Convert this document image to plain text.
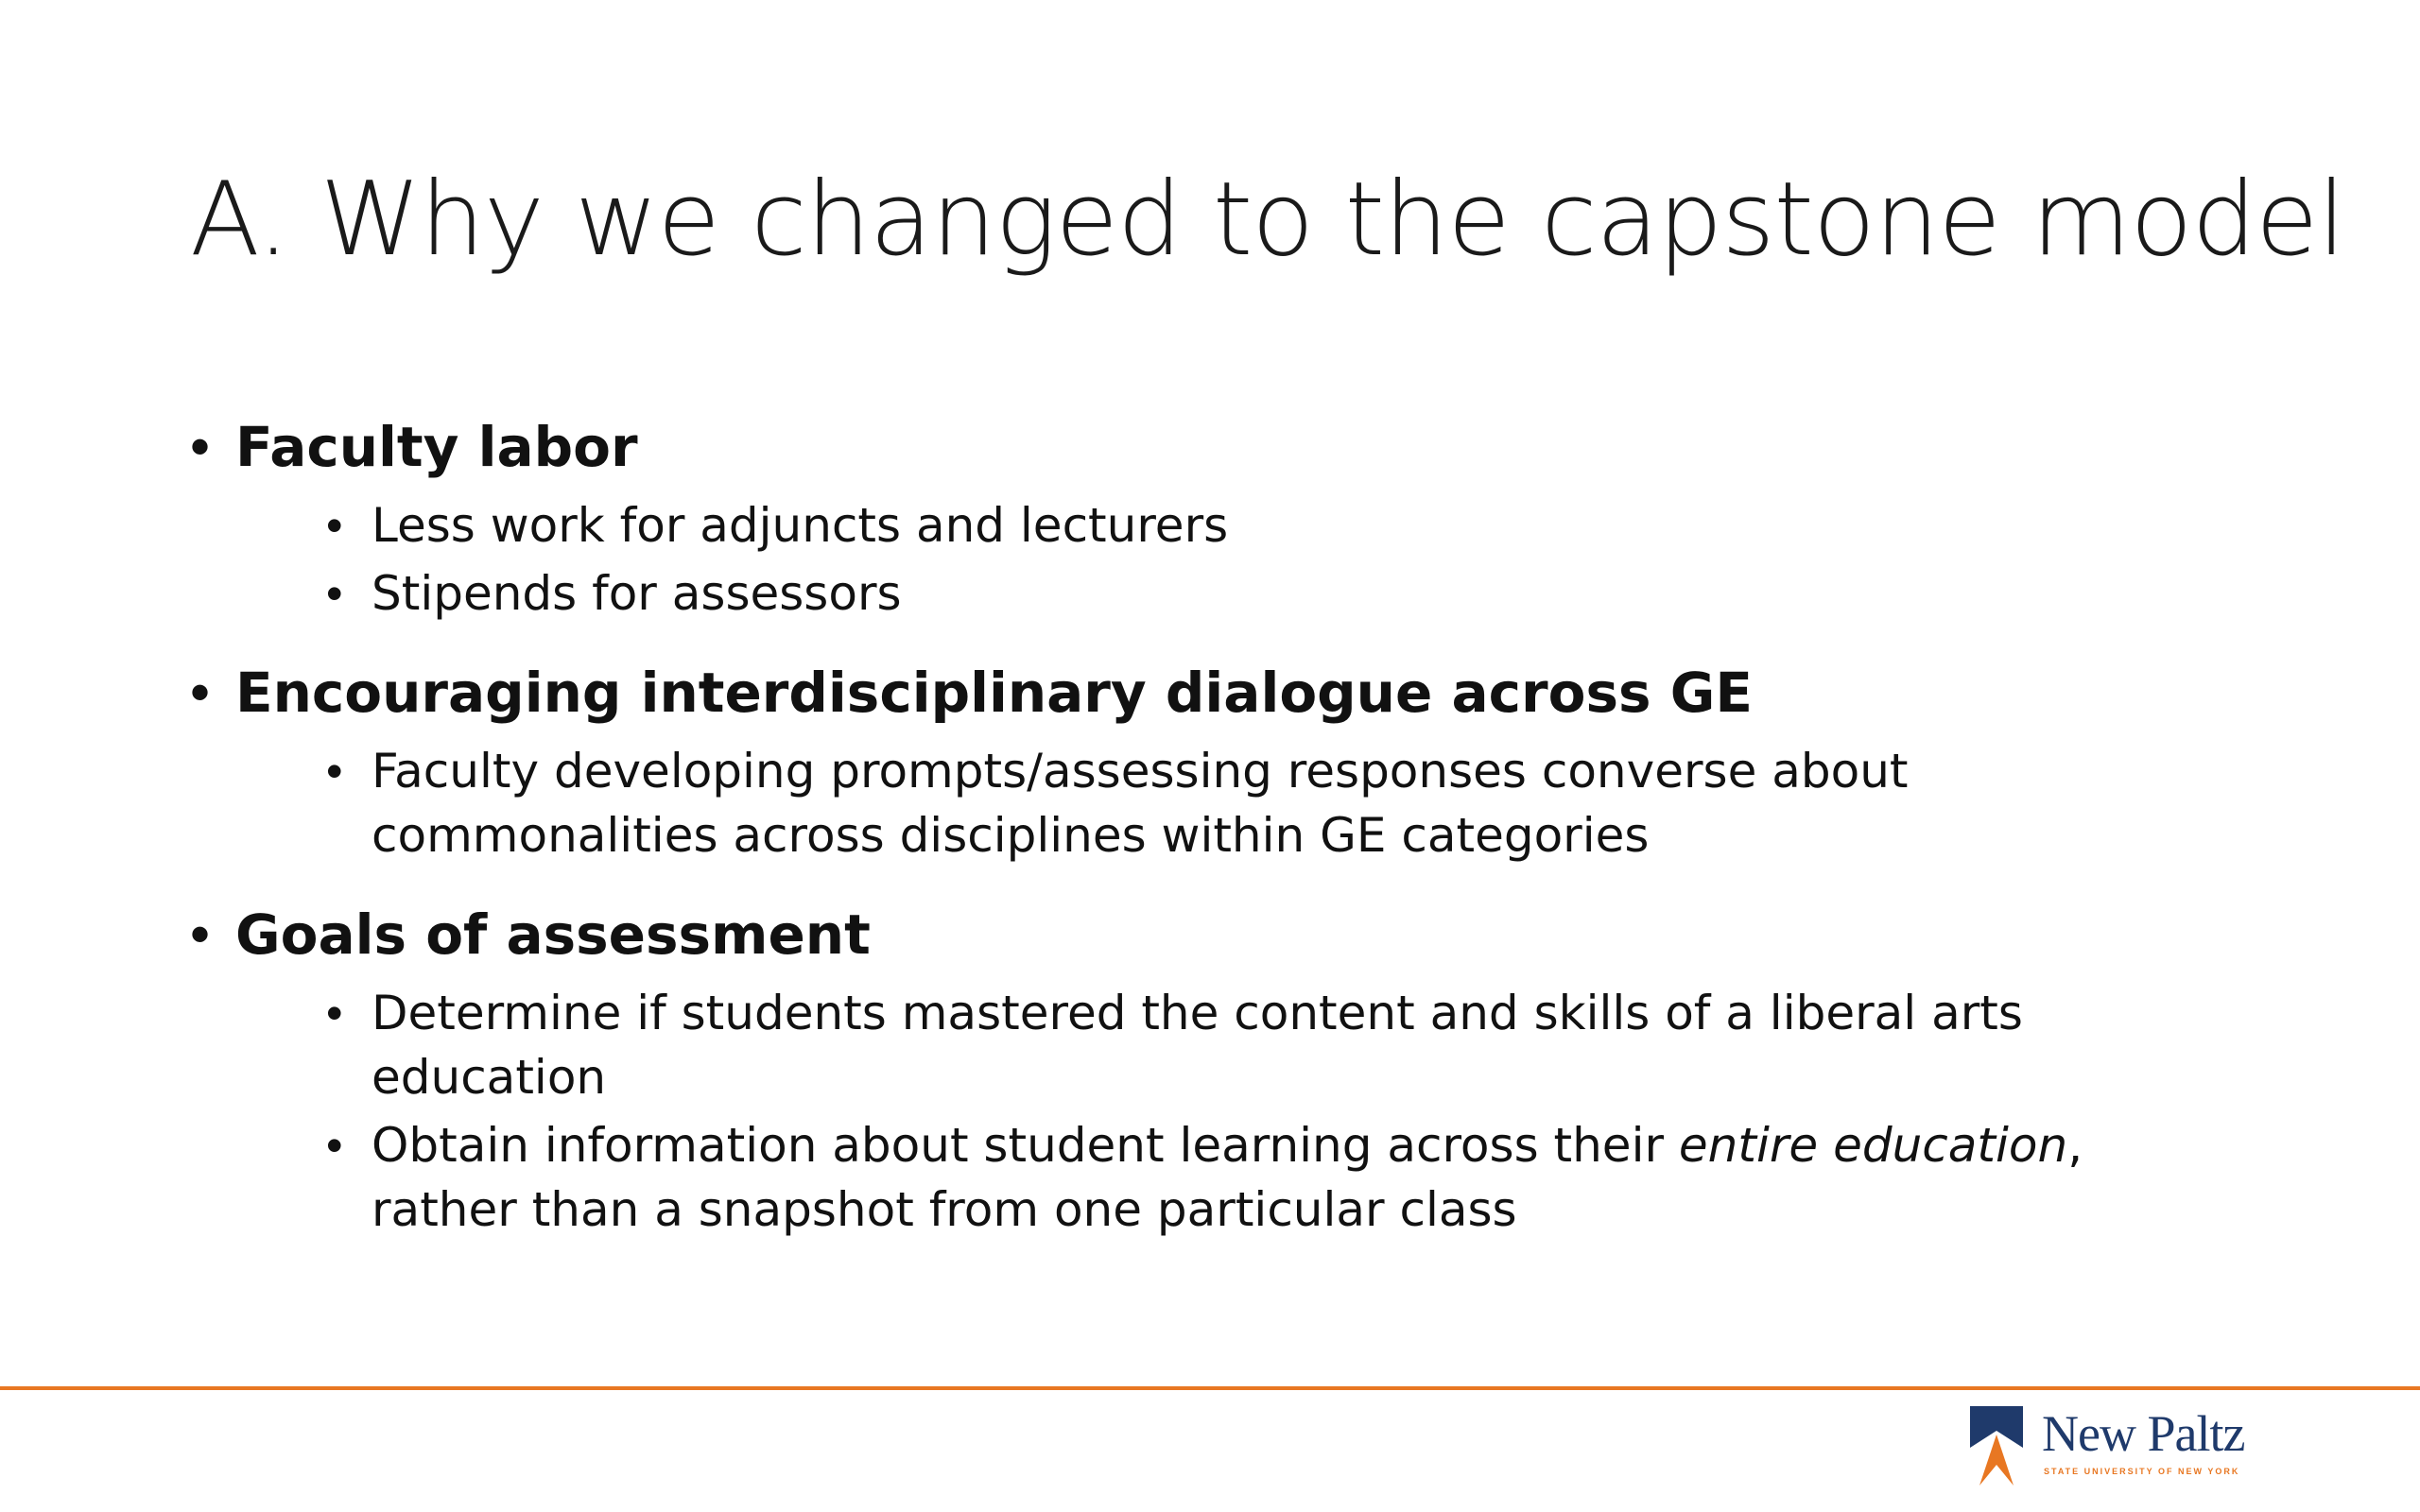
A. Why we changed to the capstone model
• Faculty labor
• Less work for adjuncts and lecturers
• Stipends for assessors
• Encouraging interdisciplinary dialogue across GE
• Faculty developing prompts/assessing responses converse about commonalities across disciplines within GE categories
• Goals of assessment
• Determine if students mastered the content and skills of a liberal arts education
• Obtain information about student learning across their entire education, rather than a snapshot from one particular class
New Paltz
STATE UNIVERSITY OF NEW YORK
